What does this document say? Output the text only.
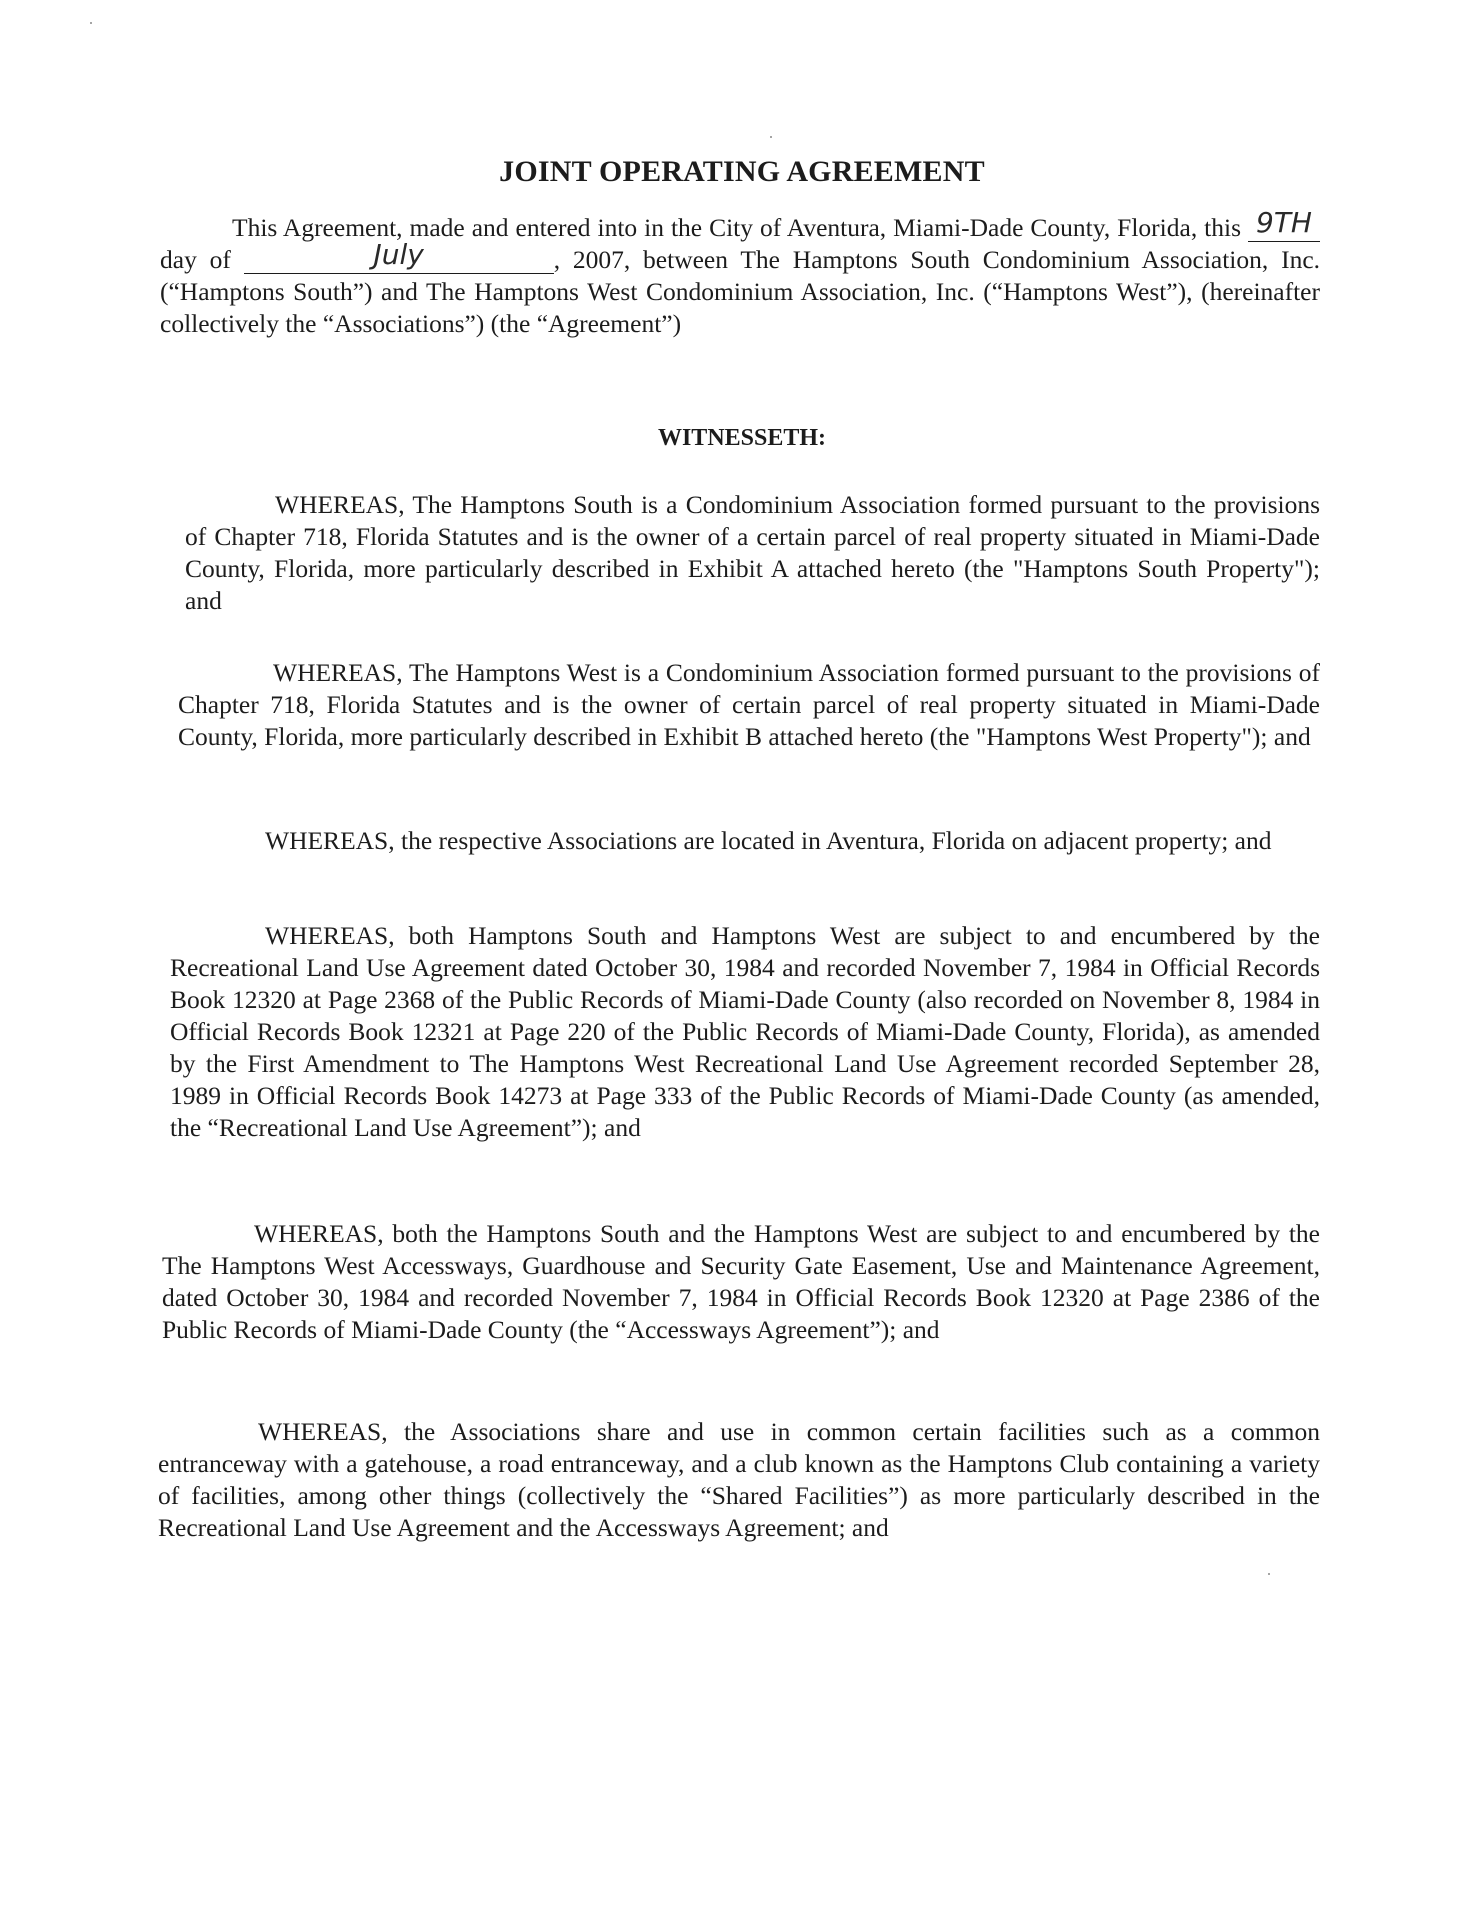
JOINT OPERATING AGREEMENT

This Agreement, made and entered into in the City of Aventura, Miami-Dade County, Florida, this 9THday of	July	, 2007, between The Hamptons South Condominium Association, Inc. (“Hamptons South”) and The Hamptons West Condominium Association, Inc. (“Hamptons West”), (hereinafter collectively the “Associations”) (the “Agreement”)

WITNESSETH:

WHEREAS, The Hamptons South is a Condominium Association formed pursuant to the provisions of Chapter 718, Florida Statutes and is the owner of a certain parcel of real property situated in Miami-Dade County, Florida, more particularly described in Exhibit A attached hereto (the "Hamptons South Property"); and

WHEREAS, The Hamptons West is a Condominium Association formed pursuant to the provisions of Chapter 718, Florida Statutes and is the owner of certain parcel of real property situated in Miami-Dade County, Florida, more particularly described in Exhibit B attached hereto (the "Hamptons West Property"); and

WHEREAS, the respective Associations are located in Aventura, Florida on adjacent property; and

WHEREAS, both Hamptons South and Hamptons West are subject to and encumbered by the Recreational Land Use Agreement dated October 30, 1984 and recorded November 7, 1984 in Official Records Book 12320 at Page 2368 of the Public Records of Miami-Dade County (also recorded on November 8, 1984 in Official Records Book 12321 at Page 220 of the Public Records of Miami-Dade County, Florida), as amended by the First Amendment to The Hamptons West Recreational Land Use Agreement recorded September 28, 1989 in Official Records Book 14273 at Page 333 of the Public Records of Miami-Dade County (as amended, the “Recreational Land Use Agreement”); and

WHEREAS, both the Hamptons South and the Hamptons West are subject to and encumbered by the The Hamptons West Accessways, Guardhouse and Security Gate Easement, Use and Maintenance Agreement, dated October 30, 1984 and recorded November 7, 1984 in Official Records Book 12320 at Page 2386 of the Public Records of Miami-Dade County (the “Accessways Agreement”); and

WHEREAS, the Associations share and use in common certain facilities such as a common entranceway with a gatehouse, a road entranceway, and a club known as the Hamptons Club containing a variety of facilities, among other things (collectively the “Shared Facilities”) as more particularly described in the Recreational Land Use Agreement and the Accessways Agreement; and
